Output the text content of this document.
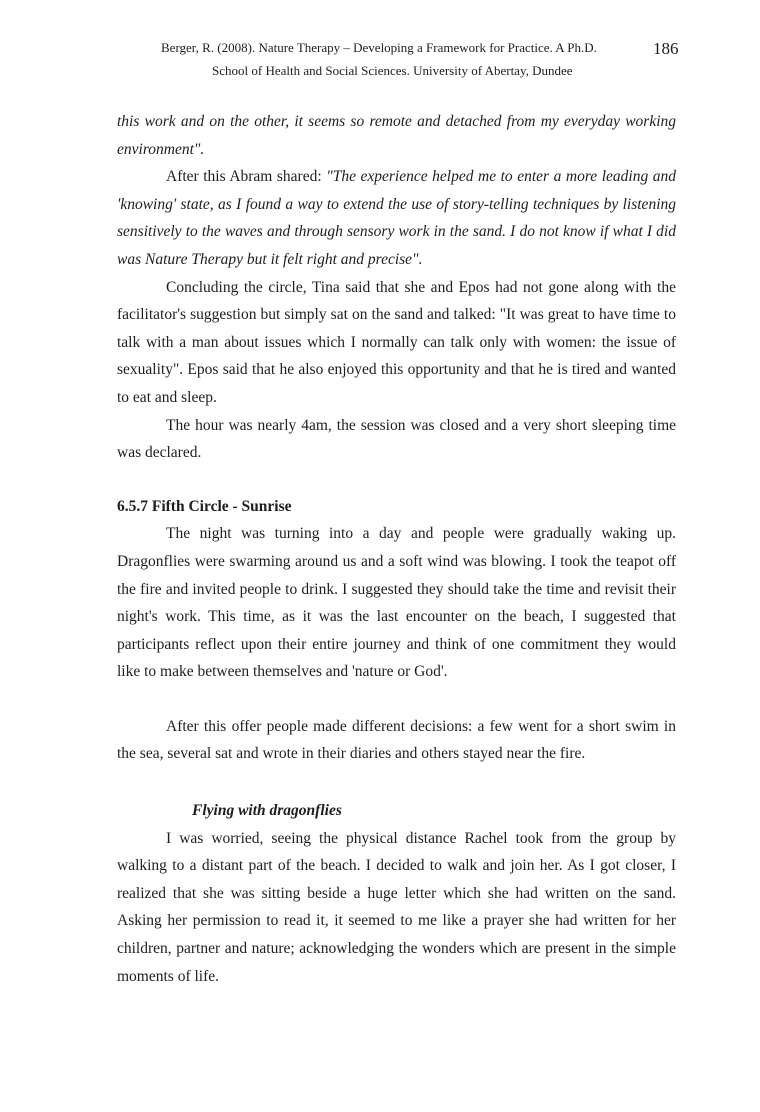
Berger, R. (2008). Nature Therapy – Developing a Framework for Practice. A Ph.D.
School of Health and Social Sciences. University of Abertay, Dundee
186

this work and on the other, it seems so remote and detached from my everyday working environment".

After this Abram shared: "The experience helped me to enter a more leading and 'knowing' state, as I found a way to extend the use of story-telling techniques by listening sensitively to the waves and through sensory work in the sand. I do not know if what I did was Nature Therapy but it felt right and precise".

Concluding the circle, Tina said that she and Epos had not gone along with the facilitator's suggestion but simply sat on the sand and talked: "It was great to have time to talk with a man about issues which I normally can talk only with women: the issue of sexuality". Epos said that he also enjoyed this opportunity and that he is tired and wanted to eat and sleep.

The hour was nearly 4am, the session was closed and a very short sleeping time was declared.

6.5.7 Fifth Circle - Sunrise

The night was turning into a day and people were gradually waking up. Dragonflies were swarming around us and a soft wind was blowing. I took the teapot off the fire and invited people to drink. I suggested they should take the time and revisit their night's work. This time, as it was the last encounter on the beach, I suggested that participants reflect upon their entire journey and think of one commitment they would like to make between themselves and 'nature or God'.

After this offer people made different decisions: a few went for a short swim in the sea, several sat and wrote in their diaries and others stayed near the fire.

Flying with dragonflies

I was worried, seeing the physical distance Rachel took from the group by walking to a distant part of the beach. I decided to walk and join her. As I got closer, I realized that she was sitting beside a huge letter which she had written on the sand. Asking her permission to read it, it seemed to me like a prayer she had written for her children, partner and nature; acknowledging the wonders which are present in the simple moments of life.
